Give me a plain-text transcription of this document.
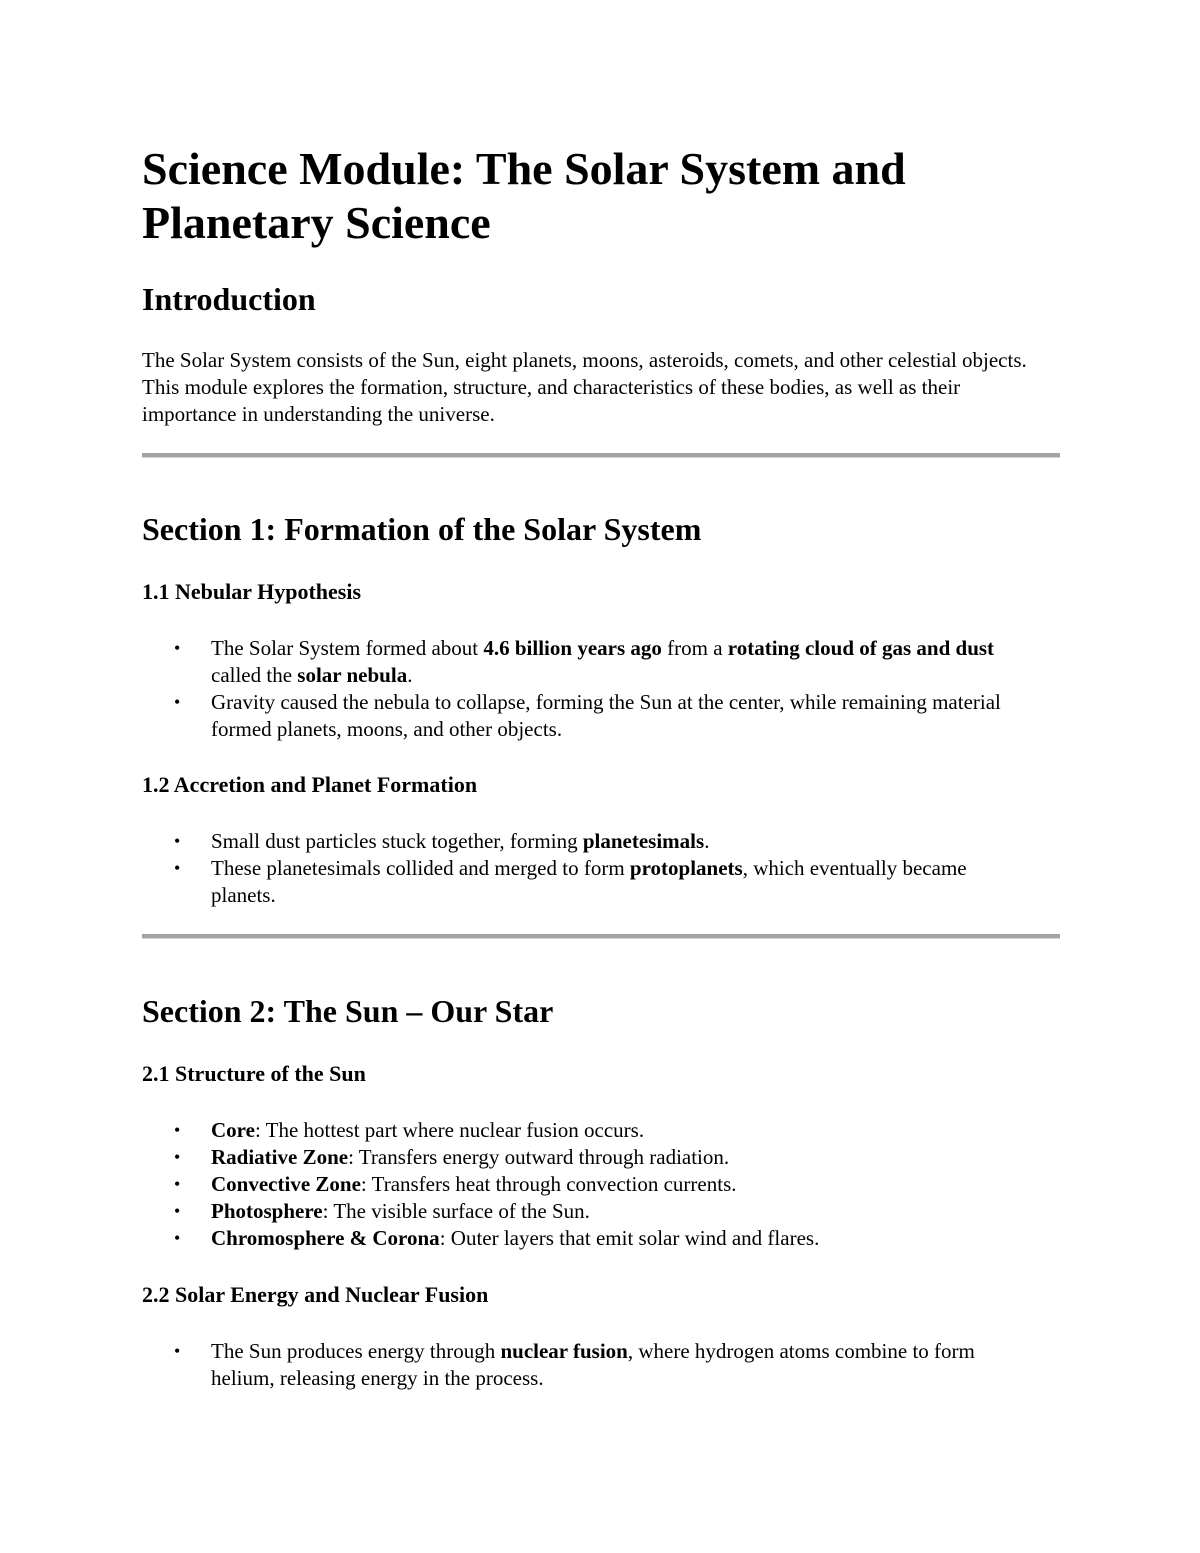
Science Module: The Solar System and Planetary Science
Introduction

The Solar System consists of the Sun, eight planets, moons, asteroids, comets, and other celestial objects. This module explores the formation, structure, and characteristics of these bodies, as well as their importance in understanding the universe.

Section 1: Formation of the Solar System
1.1 Nebular Hypothesis
• The Solar System formed about 4.6 billion years ago from a rotating cloud of gas and dust called the solar nebula.
• Gravity caused the nebula to collapse, forming the Sun at the center, while remaining material formed planets, moons, and other objects.
1.2 Accretion and Planet Formation
• Small dust particles stuck together, forming planetesimals.
• These planetesimals collided and merged to form protoplanets, which eventually became planets.
Section 2: The Sun – Our Star
2.1 Structure of the Sun
• Core: The hottest part where nuclear fusion occurs.
• Radiative Zone: Transfers energy outward through radiation.
• Convective Zone: Transfers heat through convection currents.
• Photosphere: The visible surface of the Sun.
• Chromosphere & Corona: Outer layers that emit solar wind and flares.
2.2 Solar Energy and Nuclear Fusion
• The Sun produces energy through nuclear fusion, where hydrogen atoms combine to form helium, releasing energy in the process.
